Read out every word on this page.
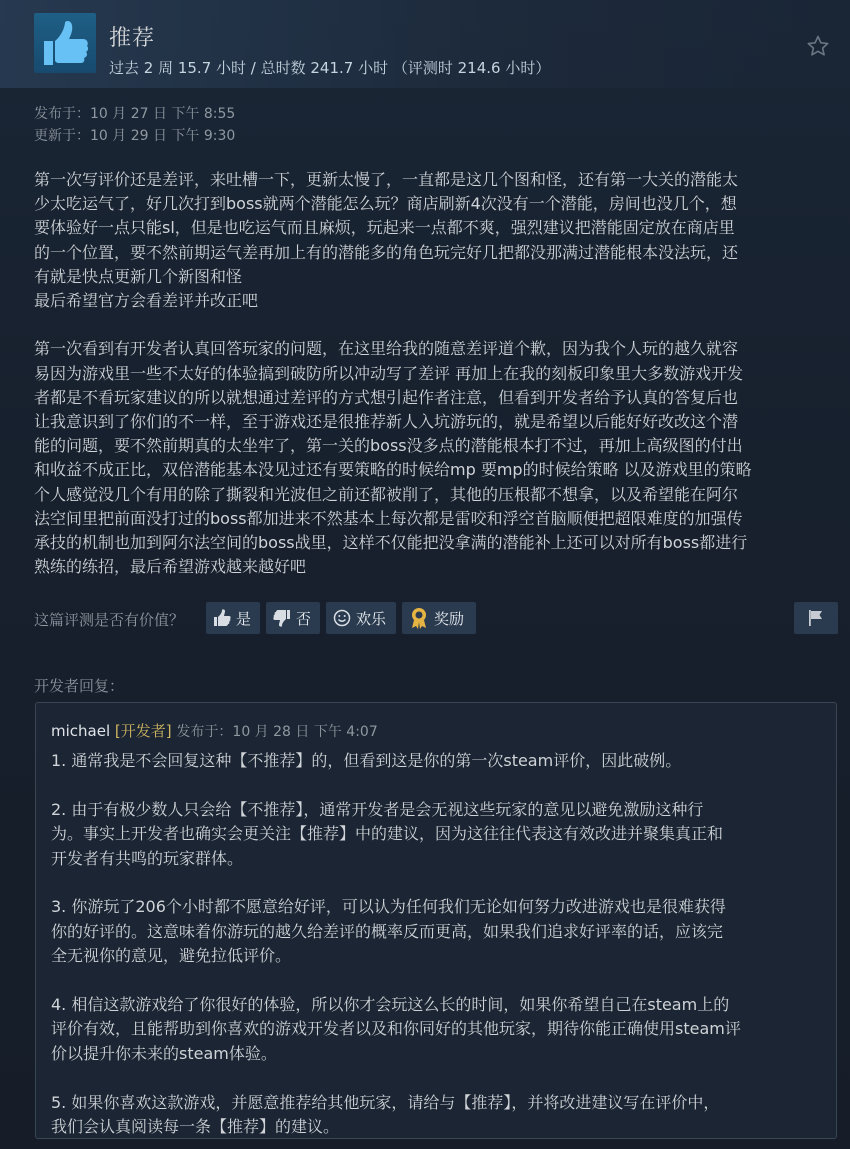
推荐
过去 2 周 15.7 小时 / 总时数 241.7 小时 （评测时 214.6 小时）
发布于：10 月 27 日 下午 8:55
更新于：10 月 29 日 下午 9:30
第一次写评价还是差评，来吐槽一下，更新太慢了，一直都是这几个图和怪，还有第一大关的潜能太
少太吃运气了，好几次打到boss就两个潜能怎么玩？商店刷新4次没有一个潜能，房间也没几个，想
要体验好一点只能sl，但是也吃运气而且麻烦，玩起来一点都不爽，强烈建议把潜能固定放在商店里
的一个位置，要不然前期运气差再加上有的潜能多的角色玩完好几把都没那满过潜能根本没法玩，还
有就是快点更新几个新图和怪
最后希望官方会看差评并改正吧

第一次看到有开发者认真回答玩家的问题，在这里给我的随意差评道个歉，因为我个人玩的越久就容
易因为游戏里一些不太好的体验搞到破防所以冲动写了差评 再加上在我的刻板印象里大多数游戏开发
者都是不看玩家建议的所以就想通过差评的方式想引起作者注意，但看到开发者给予认真的答复后也
让我意识到了你们的不一样，至于游戏还是很推荐新人入坑游玩的，就是希望以后能好好改改这个潜
能的问题，要不然前期真的太坐牢了，第一关的boss没多点的潜能根本打不过，再加上高级图的付出
和收益不成正比，双倍潜能基本没见过还有要策略的时候给mp 要mp的时候给策略 以及游戏里的策略
个人感觉没几个有用的除了撕裂和光波但之前还都被削了，其他的压根都不想拿，以及希望能在阿尔
法空间里把前面没打过的boss都加进来不然基本上每次都是雷咬和浮空首脑顺便把超限难度的加强传
承技的机制也加到阿尔法空间的boss战里，这样不仅能把没拿满的潜能补上还可以对所有boss都进行
熟练的练招，最后希望游戏越来越好吧
这篇评测是否有价值？	是	否	欢乐	奖励
开发者回复：
michael [开发者] 发布于：10 月 28 日 下午 4:07
1. 通常我是不会回复这种【不推荐】的，但看到这是你的第一次steam评价，因此破例。

2. 由于有极少数人只会给【不推荐】，通常开发者是会无视这些玩家的意见以避免激励这种行
为。事实上开发者也确实会更关注【推荐】中的建议，因为这往往代表这有效改进并聚集真正和
开发者有共鸣的玩家群体。

3. 你游玩了206个小时都不愿意给好评，可以认为任何我们无论如何努力改进游戏也是很难获得
你的好评的。这意味着你游玩的越久给差评的概率反而更高，如果我们追求好评率的话，应该完
全无视你的意见，避免拉低评价。

4. 相信这款游戏给了你很好的体验，所以你才会玩这么长的时间，如果你希望自己在steam上的
评价有效，且能帮助到你喜欢的游戏开发者以及和你同好的其他玩家，期待你能正确使用steam评
价以提升你未来的steam体验。

5. 如果你喜欢这款游戏，并愿意推荐给其他玩家，请给与【推荐】，并将改进建议写在评价中，
我们会认真阅读每一条【推荐】的建议。
